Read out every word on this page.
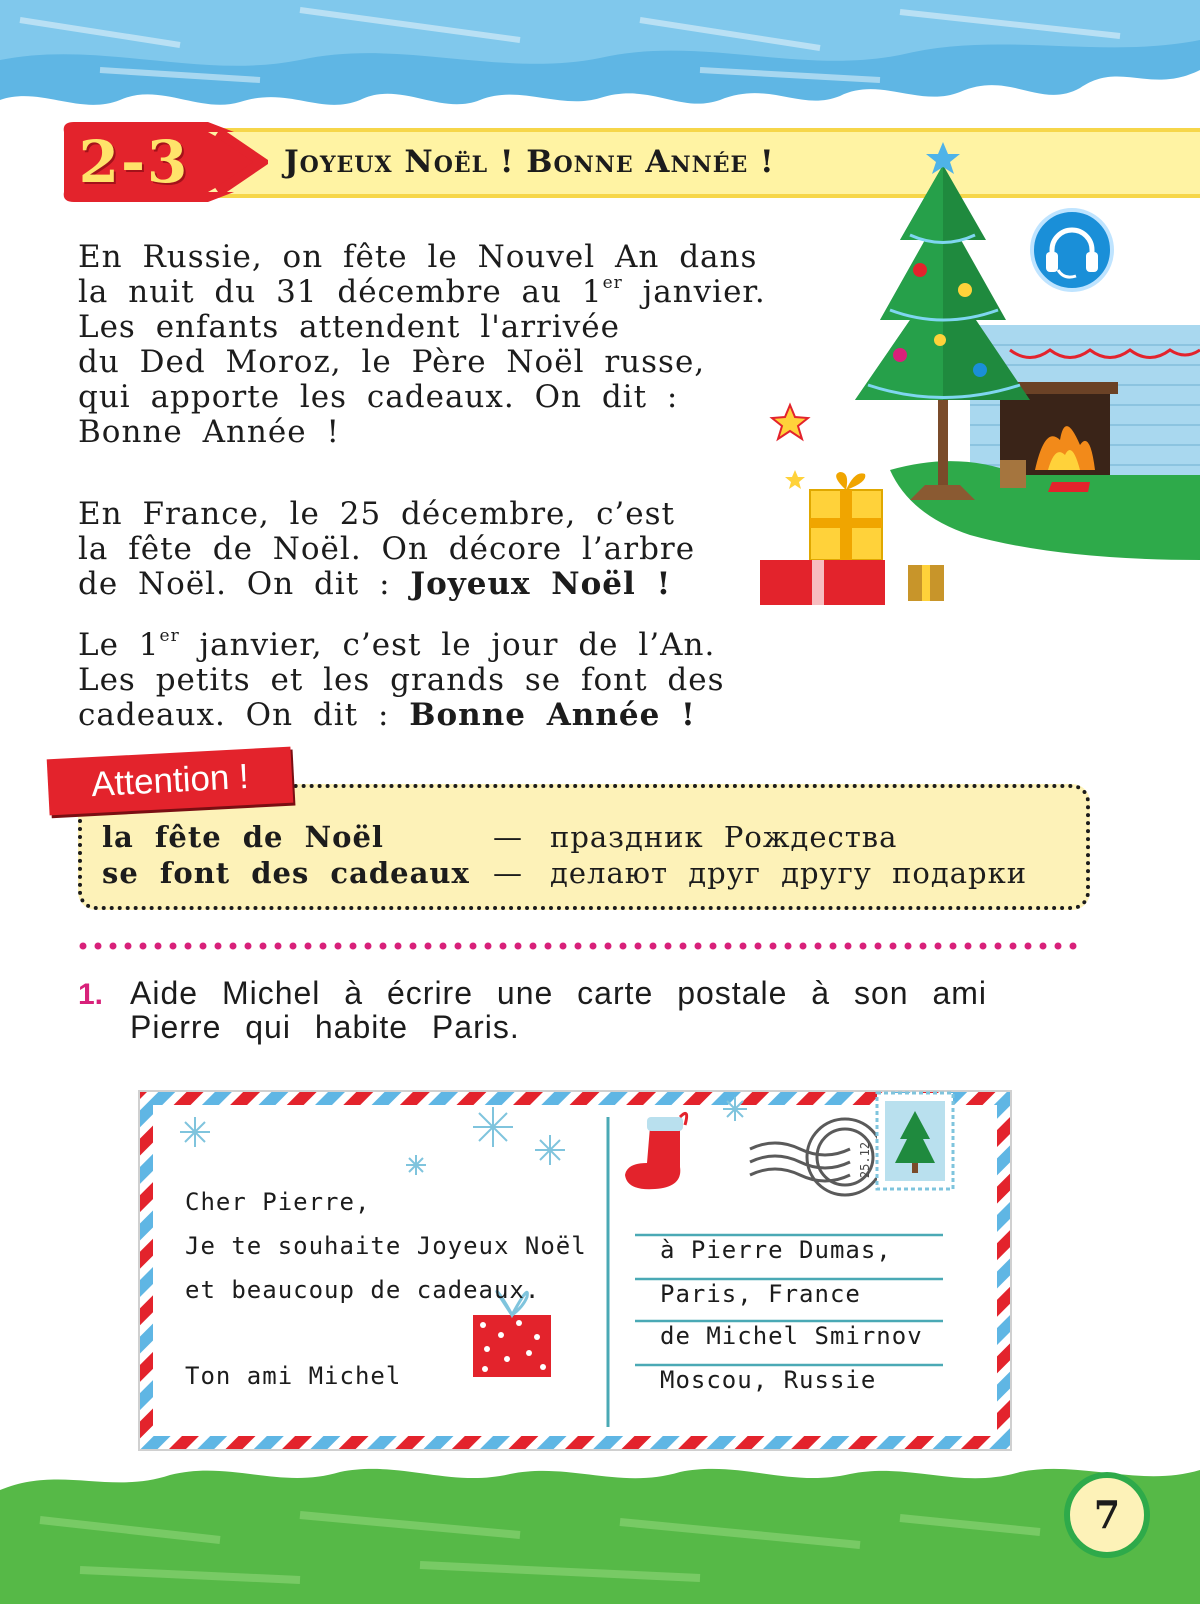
2-3	Joyeux Noël ! Bonne Année !
En Russie, on fête le Nouvel An dans
la nuit du 31 décembre au 1er janvier.
Les enfants attendent l'arrivée
du Ded Moroz, le Père Noël russe,
qui apporte les cadeaux. On dit :
Bonne Année !
En France, le 25 décembre, c’est
la fête de Noël. On décore l’arbre
de Noël. On dit : Joyeux Noël !
Le 1er janvier, c’est le jour de l’An.
Les petits et les grands se font des
cadeaux. On dit : Bonne Année !
Attention !
la fête de Noël	— праздник Рождества
se font des cadeaux — делают друг другу подарки
1. Aide Michel à écrire une carte postale à son ami
Pierre qui habite Paris.
25.12
Cher Pierre,
Je te souhaite Joyeux Noël
et beaucoup de cadeaux.
Ton ami Michel
à Pierre Dumas,
Paris, France
de Michel Smirnov
Moscou, Russie
7
